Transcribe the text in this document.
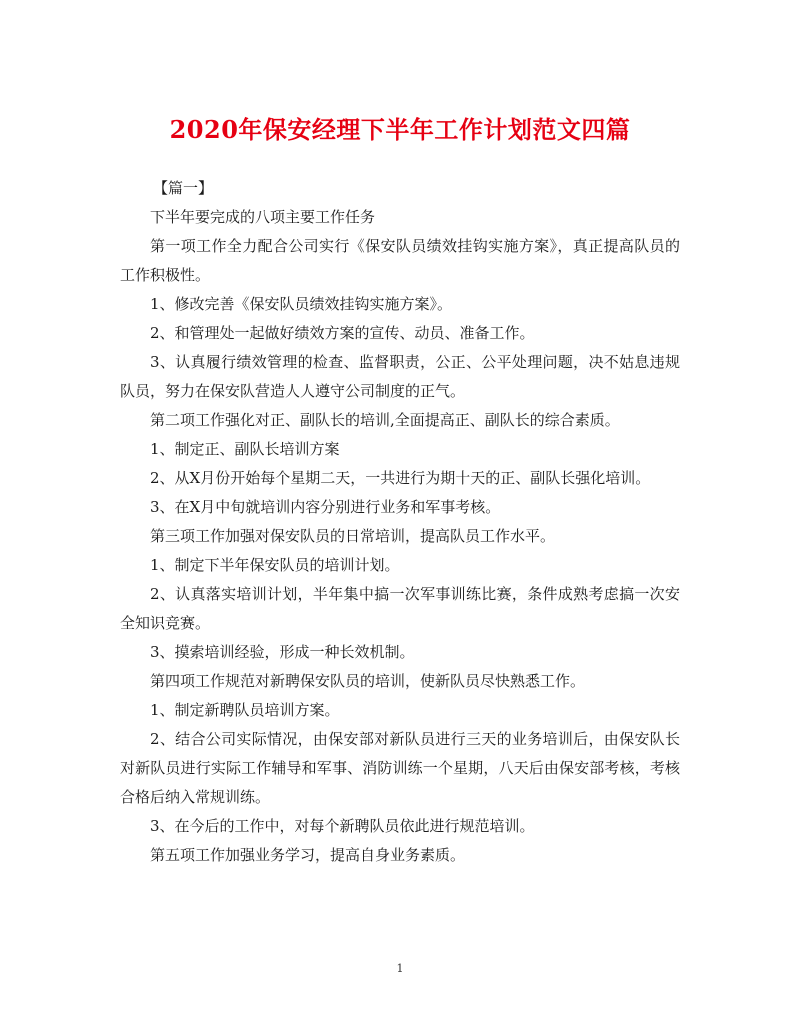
2020年保安经理下半年工作计划范文四篇

【篇一】

下半年要完成的八项主要工作任务

第一项工作全力配合公司实行《保安队员绩效挂钩实施方案》，真正提高队员的工作积极性。

1、修改完善《保安队员绩效挂钩实施方案》。

2、和管理处一起做好绩效方案的宣传、动员、准备工作。

3、认真履行绩效管理的检查、监督职责，公正、公平处理问题，决不姑息违规队员，努力在保安队营造人人遵守公司制度的正气。

第二项工作强化对正、副队长的培训,全面提高正、副队长的综合素质。

1、制定正、副队长培训方案

2、从X月份开始每个星期二天，一共进行为期十天的正、副队长强化培训。

3、在X月中旬就培训内容分别进行业务和军事考核。

第三项工作加强对保安队员的日常培训，提高队员工作水平。

1、制定下半年保安队员的培训计划。

2、认真落实培训计划，半年集中搞一次军事训练比赛，条件成熟考虑搞一次安全知识竞赛。

3、摸索培训经验，形成一种长效机制。

第四项工作规范对新聘保安队员的培训，使新队员尽快熟悉工作。

1、制定新聘队员培训方案。

2、结合公司实际情况，由保安部对新队员进行三天的业务培训后，由保安队长对新队员进行实际工作辅导和军事、消防训练一个星期，八天后由保安部考核，考核合格后纳入常规训练。

3、在今后的工作中，对每个新聘队员依此进行规范培训。

第五项工作加强业务学习，提高自身业务素质。

1
